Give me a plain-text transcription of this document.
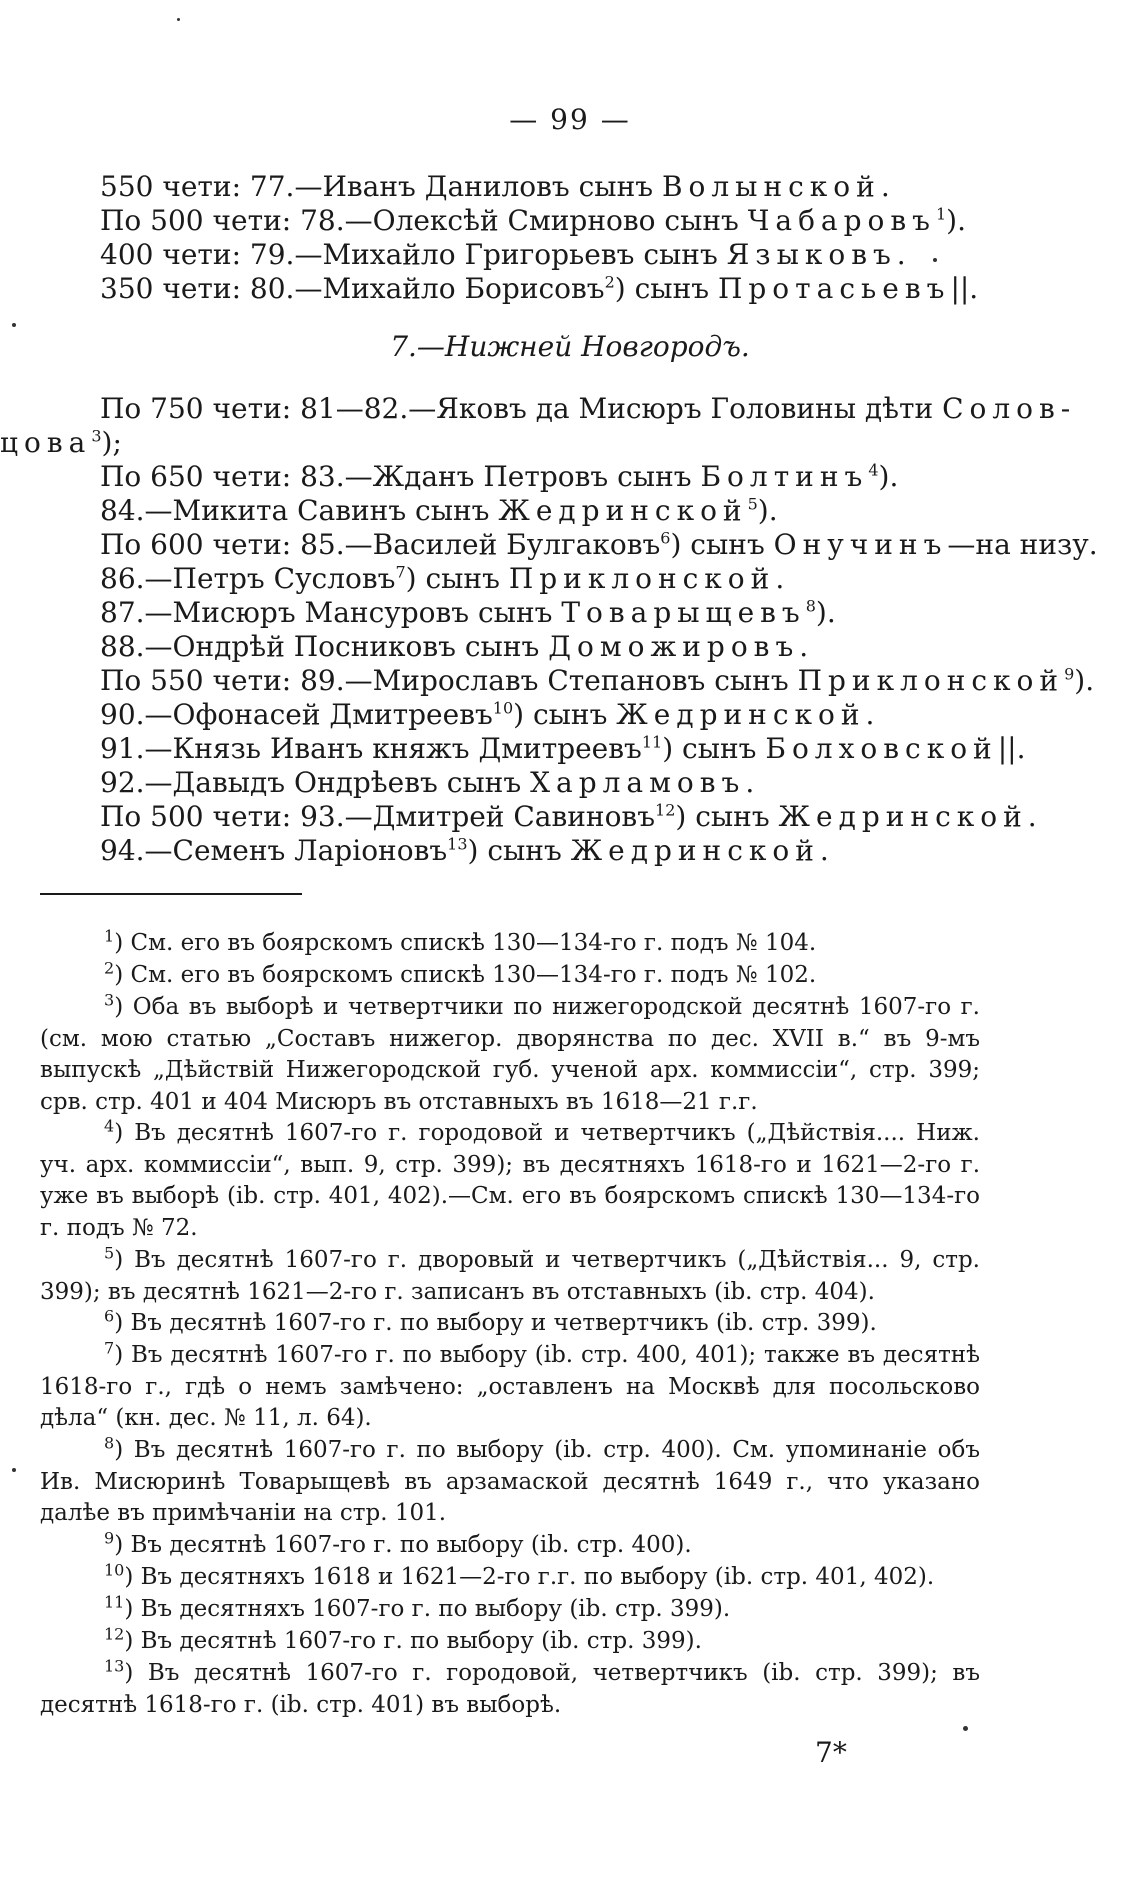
— 99 —
550 чети: 77.—Иванъ Даниловъ сынъ Волынской.
По 500 чети: 78.—Олексѣй Смирново сынъ Чабаровъ$^1$).
400 чети: 79.—Михайло Григорьевъ сынъ Языковъ.
350 чети: 80.—Михайло Борисовъ$^2$) сынъ Протасьевъ||.
7.—Нижней Новгородъ.
По 750 чети: 81—82.—Яковъ да Мисюръ Головины дѣти Солов-
цова$^3$);
По 650 чети: 83.—Жданъ Петровъ сынъ Болтинъ$^4$).
84.—Микита Савинъ сынъ Жедринской$^5$).
По 600 чети: 85.—Василей Булгаковъ$^6$) сынъ Онучинъ—на низу.
86.—Петръ Сусловъ$^7$) сынъ Приклонской.
87.—Мисюръ Мансуровъ сынъ Товарыщевъ$^8$).
88.—Ондрѣй Посниковъ сынъ Доможировъ.
По 550 чети: 89.—Мирославъ Степановъ сынъ Приклонской$^9$).
90.—Офонасей Дмитреевъ$^{10}$) сынъ Жедринской.
91.—Князь Иванъ княжъ Дмитреевъ$^{11}$) сынъ Болховской||.
92.—Давыдъ Ондрѣевъ сынъ Харламовъ.
По 500 чети: 93.—Дмитрей Савиновъ$^{12}$) сынъ Жедринской.
94.—Семенъ Ларіоновъ$^{13}$) сынъ Жедринской.
$^1$) См. его въ боярскомъ спискѣ 130—134-го г. подъ № 104.
$^2$) См. его въ боярскомъ спискѣ 130—134-го г. подъ № 102.
$^3$) Оба въ выборѣ и четвертчики по нижегородской десятнѣ 1607-го г. (см. мою статью „Составъ нижегор. дворянства по дес. XVII в.“ въ 9-мъ выпускѣ „Дѣйствій Нижегородской губ. ученой арх. коммиссіи“, стр. 399; срв. стр. 401 и 404 Мисюръ въ отставныхъ въ 1618—21 г.г.
$^4$) Въ десятнѣ 1607-го г. городовой и четвертчикъ („Дѣйствія.... Ниж. уч. арх. коммиссіи“, вып. 9, стр. 399); въ десятняхъ 1618-го и 1621—2-го г. уже въ выборѣ (ib. стр. 401, 402).—См. его въ боярскомъ спискѣ 130—134-го г. подъ № 72.
$^5$) Въ десятнѣ 1607-го г. дворовый и четвертчикъ („Дѣйствія... 9, стр. 399); въ десятнѣ 1621—2-го г. записанъ въ отставныхъ (ib. стр. 404).
$^6$) Въ десятнѣ 1607-го г. по выбору и четвертчикъ (ib. стр. 399).
$^7$) Въ десятнѣ 1607-го г. по выбору (ib. стр. 400, 401); также въ десятнѣ 1618-го г., гдѣ о немъ замѣчено: „оставленъ на Москвѣ для посольсково дѣла“ (кн. дес. № 11, л. 64).
$^8$) Въ десятнѣ 1607-го г. по выбору (ib. стр. 400). См. упоминаніе объ Ив. Мисюринѣ Товарыщевѣ въ арзамаской десятнѣ 1649 г., что указано далѣе въ примѣчаніи на стр. 101.
$^9$) Въ десятнѣ 1607-го г. по выбору (ib. стр. 400).
$^{10}$) Въ десятняхъ 1618 и 1621—2-го г.г. по выбору (ib. стр. 401, 402).
$^{11}$) Въ десятняхъ 1607-го г. по выбору (ib. стр. 399).
$^{12}$) Въ десятнѣ 1607-го г. по выбору (ib. стр. 399).
$^{13}$) Въ десятнѣ 1607-го г. городовой, четвертчикъ (ib. стр. 399); въ десятнѣ 1618-го г. (ib. стр. 401) въ выборѣ.
7*
